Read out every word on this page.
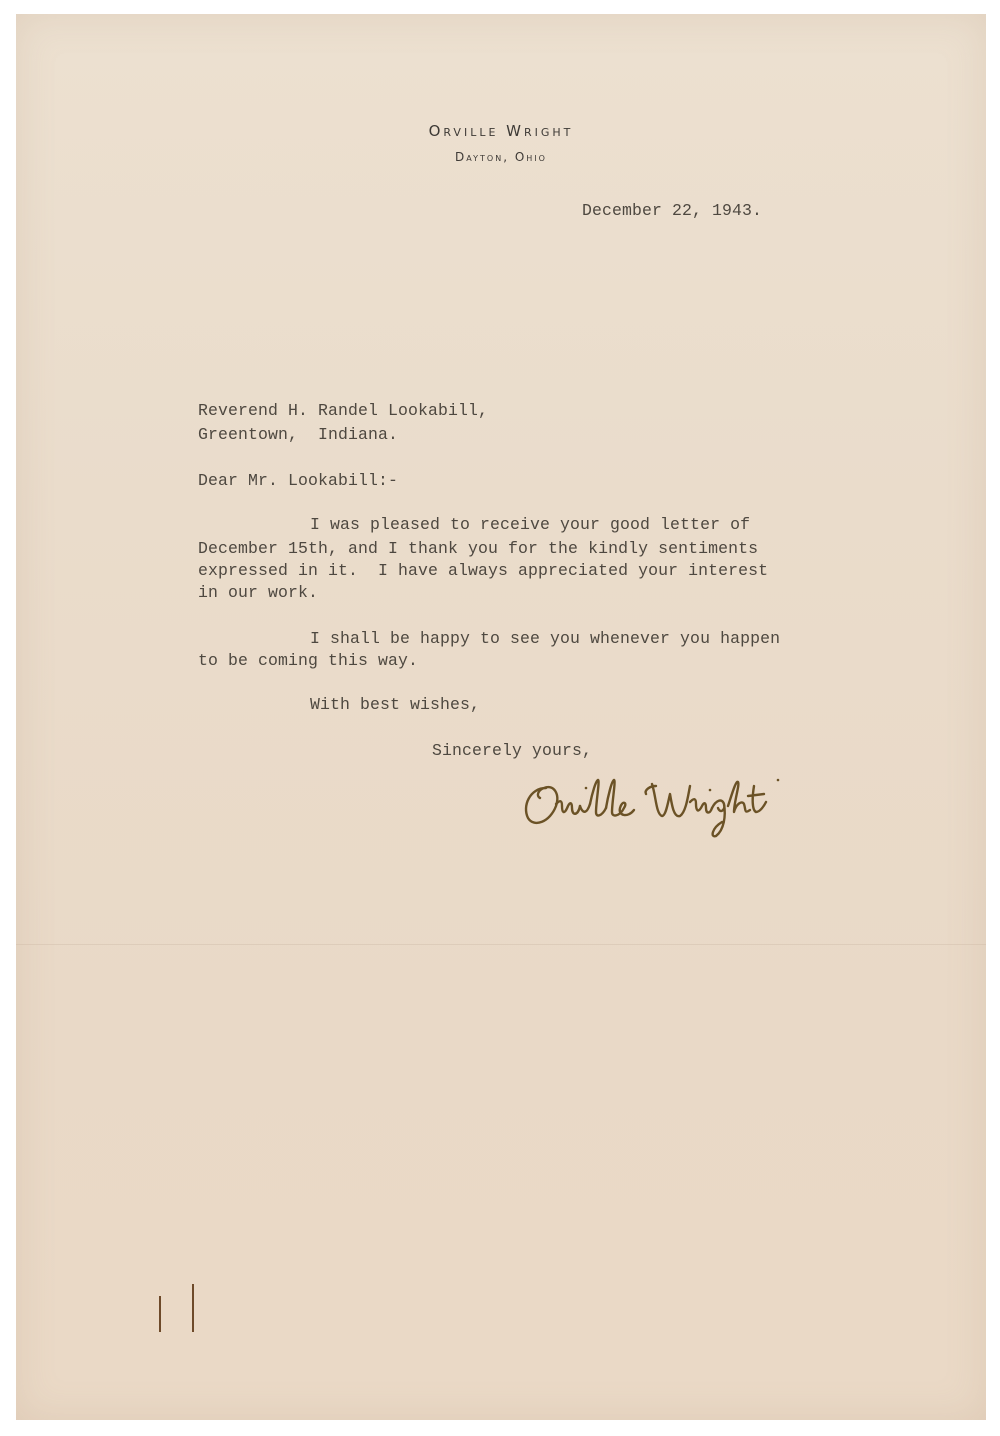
Orville Wright
Dayton, Ohio
December 22, 1943.
Reverend H. Randel Lookabill,
Greentown,  Indiana.
Dear Mr. Lookabill:-
I was pleased to receive your good letter of
December 15th, and I thank you for the kindly sentiments
expressed in it.  I have always appreciated your interest
in our work.
I shall be happy to see you whenever you happen
to be coming this way.
With best wishes,
Sincerely yours,
